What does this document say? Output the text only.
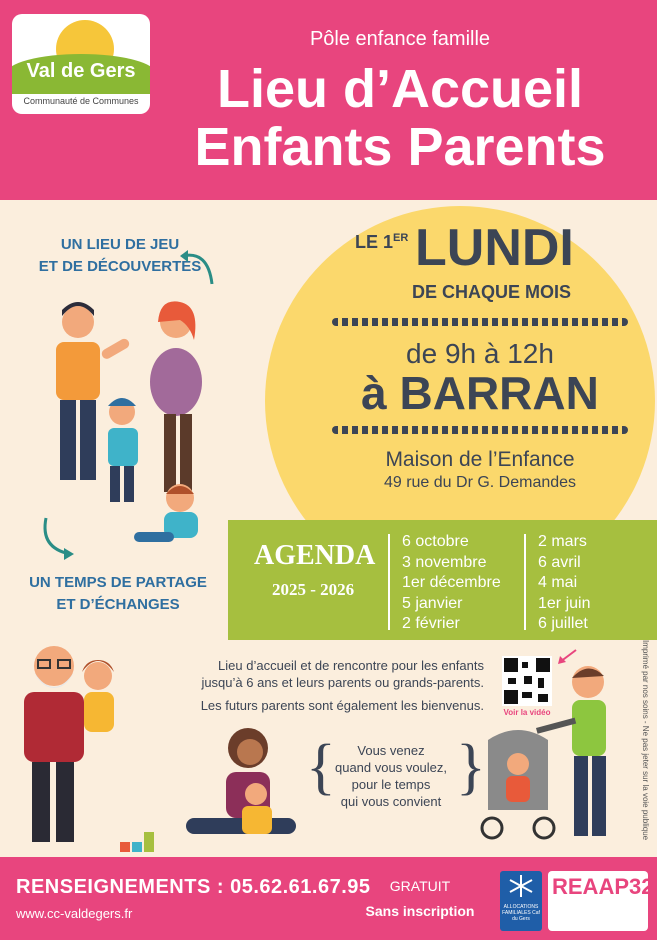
Val de Gers
Communauté de Communes
Pôle enfance famille
Lieu d’Accueil
Enfants Parents
UN LIEU DE JEU
ET DE DÉCOUVERTES
UN TEMPS DE PARTAGE
ET D’ÉCHANGES
LE 1ER LUNDI
DE CHAQUE MOIS
de 9h à 12h
à BARRAN
Maison de l’Enfance
49 rue du Dr G. Demandes
AGENDA
2025 - 2026
6 octobre
3 novembre
1er décembre
5 janvier
2 février
2 mars
6 avril
4 mai
1er juin
6 juillet
Lieu d’accueil et de rencontre pour les enfants
jusqu’à 6 ans et leurs parents ou grands-parents.
Les futurs parents sont également les bienvenus.	Voir la vidéo	Imprimé par nos soins - Ne pas jeter sur la voie publique
{ }
Vous venez
quand vous voulez,
pour le temps
qui vous convient
RENSEIGNEMENTS : 05.62.61.67.95
www.cc-valdegers.fr
GRATUIT
Sans inscription	ALLOCATIONS FAMILIALES Caf du Gers
REAAP32
